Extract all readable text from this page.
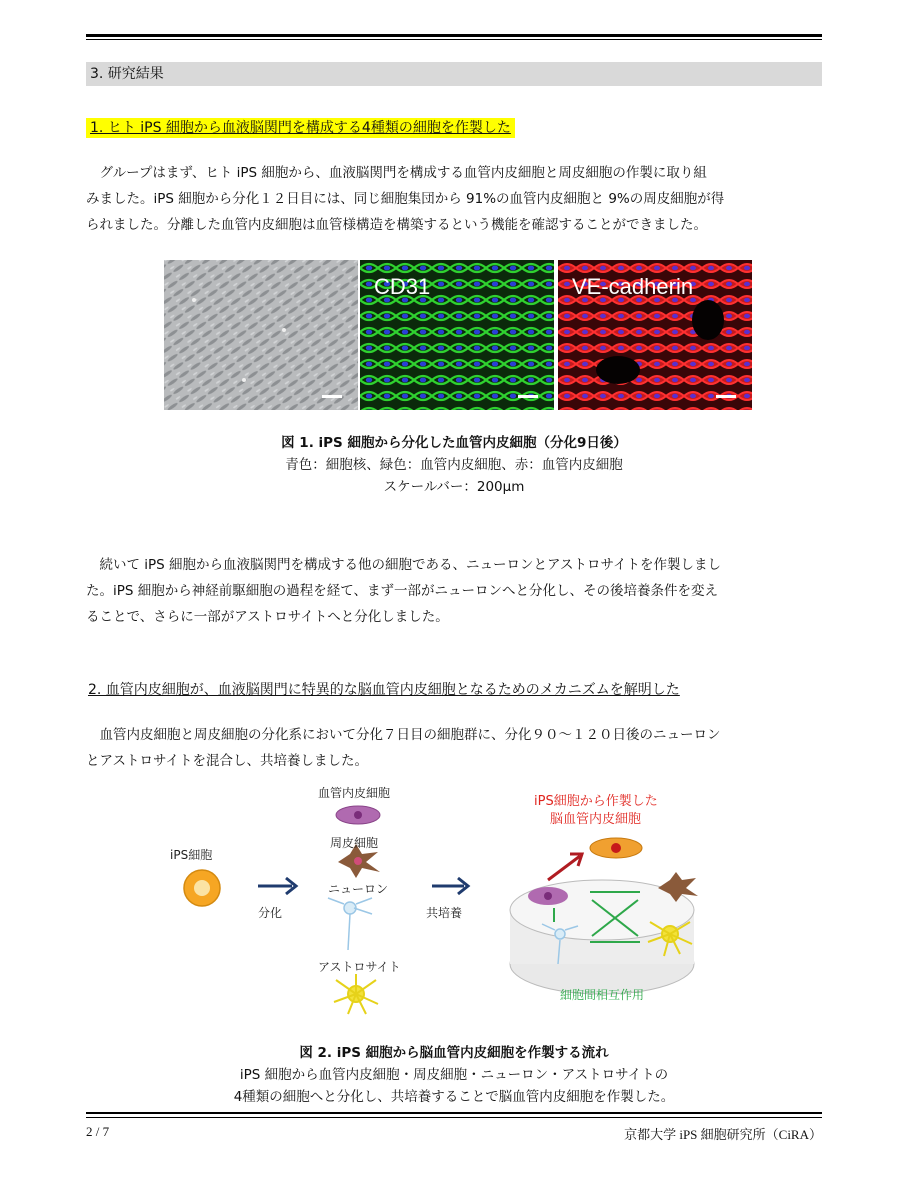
3. 研究結果
1. ヒト iPS 細胞から血液脳関門を構成する4種類の細胞を作製した
　グループはまず、ヒト iPS 細胞から、血液脳関門を構成する血管内皮細胞と周皮細胞の作製に取り組
みました。iPS 細胞から分化１２日目には、同じ細胞集団から 91%の血管内皮細胞と 9%の周皮細胞が得
られました。分離した血管内皮細胞は血管様構造を構築するという機能を確認することができました。
CD31	VE-cadherin
図 1. iPS 細胞から分化した血管内皮細胞（分化9日後）
青色：細胞核、緑色：血管内皮細胞、赤：血管内皮細胞
スケールバー：200μm
　続いて iPS 細胞から血液脳関門を構成する他の細胞である、ニューロンとアストロサイトを作製しまし
た。iPS 細胞から神経前駆細胞の過程を経て、まず一部がニューロンへと分化し、その後培養条件を変え
ることで、さらに一部がアストロサイトへと分化しました。
2. 血管内皮細胞が、血液脳関門に特異的な脳血管内皮細胞となるためのメカニズムを解明した
　血管内皮細胞と周皮細胞の分化系において分化７日目の細胞群に、分化９０～１２０日後のニューロン
とアストロサイトを混合し、共培養しました。
iPS細胞
分化
血管内皮細胞
周皮細胞
ニューロン
アストロサイト
共培養
iPS細胞から作製した
脳血管内皮細胞
細胞間相互作用
図 2. iPS 細胞から脳血管内皮細胞を作製する流れ
iPS 細胞から血管内皮細胞・周皮細胞・ニューロン・アストロサイトの
4種類の細胞へと分化し、共培養することで脳血管内皮細胞を作製した。
2 / 7	京都大学 iPS 細胞研究所（CiRA）
